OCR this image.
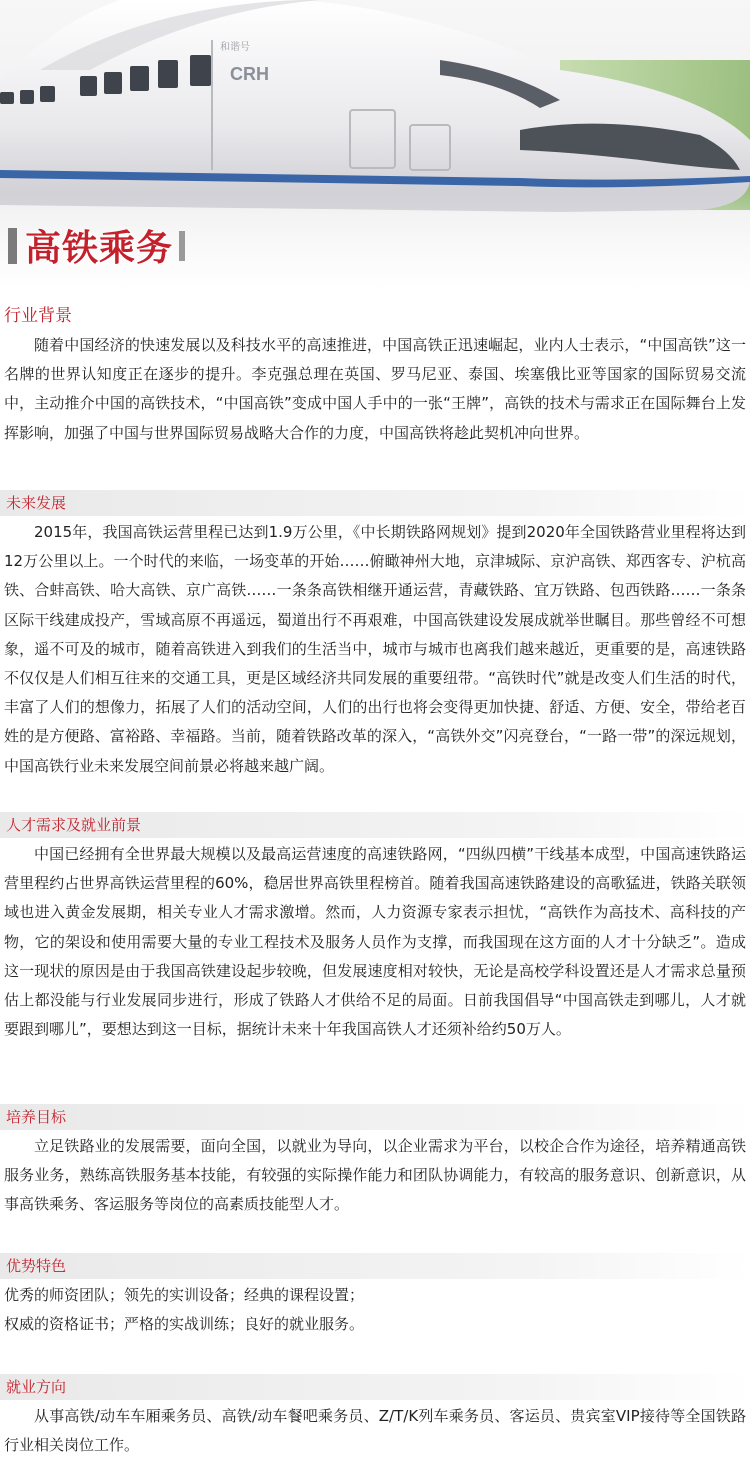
CRH
和谐号
高铁乘务
行业背景

随着中国经济的快速发展以及科技水平的高速推进，中国高铁正迅速崛起，业内人士表示，“中国高铁”这一名牌的世界认知度正在逐步的提升。李克强总理在英国、罗马尼亚、泰国、埃塞俄比亚等国家的国际贸易交流中，主动推介中国的高铁技术，“中国高铁”变成中国人手中的一张“王牌”，高铁的技术与需求正在国际舞台上发挥影响，加强了中国与世界国际贸易战略大合作的力度，中国高铁将趁此契机冲向世界。

未来发展

2015年，我国高铁运营里程已达到1.9万公里，《中长期铁路网规划》提到2020年全国铁路营业里程将达到12万公里以上。一个时代的来临，一场变革的开始……俯瞰神州大地，京津城际、京沪高铁、郑西客专、沪杭高铁、合蚌高铁、哈大高铁、京广高铁……一条条高铁相继开通运营，青藏铁路、宜万铁路、包西铁路……一条条区际干线建成投产，雪域高原不再遥远，蜀道出行不再艰难，中国高铁建设发展成就举世瞩目。那些曾经不可想象，遥不可及的城市，随着高铁进入到我们的生活当中，城市与城市也离我们越来越近，更重要的是，高速铁路不仅仅是人们相互往来的交通工具，更是区域经济共同发展的重要纽带。“高铁时代”就是改变人们生活的时代，丰富了人们的想像力，拓展了人们的活动空间，人们的出行也将会变得更加快捷、舒适、方便、安全，带给老百姓的是方便路、富裕路、幸福路。当前，随着铁路改革的深入，“高铁外交”闪亮登台，“一路一带”的深远规划，中国高铁行业未来发展空间前景必将越来越广阔。

人才需求及就业前景

中国已经拥有全世界最大规模以及最高运营速度的高速铁路网，“四纵四横”干线基本成型，中国高速铁路运营里程约占世界高铁运营里程的60%，稳居世界高铁里程榜首。随着我国高速铁路建设的高歌猛进，铁路关联领域也进入黄金发展期，相关专业人才需求激增。然而，人力资源专家表示担忧，“高铁作为高技术、高科技的产物，它的架设和使用需要大量的专业工程技术及服务人员作为支撑，而我国现在这方面的人才十分缺乏”。造成这一现状的原因是由于我国高铁建设起步较晚，但发展速度相对较快，无论是高校学科设置还是人才需求总量预估上都没能与行业发展同步进行，形成了铁路人才供给不足的局面。日前我国倡导“中国高铁走到哪儿，人才就要跟到哪儿”，要想达到这一目标，据统计未来十年我国高铁人才还须补给约50万人。

培养目标

立足铁路业的发展需要，面向全国，以就业为导向，以企业需求为平台，以校企合作为途径，培养精通高铁服务业务，熟练高铁服务基本技能，有较强的实际操作能力和团队协调能力，有较高的服务意识、创新意识，从事高铁乘务、客运服务等岗位的高素质技能型人才。

优势特色

优秀的师资团队；领先的实训设备；经典的课程设置；

权威的资格证书；严格的实战训练；良好的就业服务。

就业方向

从事高铁/动车车厢乘务员、高铁/动车餐吧乘务员、Z/T/K列车乘务员、客运员、贵宾室VIP接待等全国铁路行业相关岗位工作。
